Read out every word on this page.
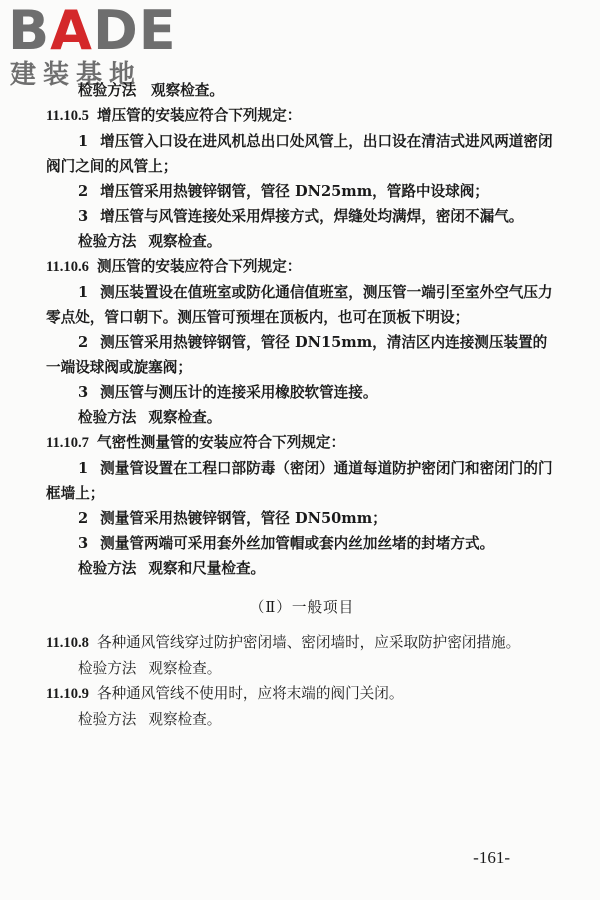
BADE
建装基地

检验方法　观察检查。

11.10.5 增压管的安装应符合下列规定：

1 增压管入口设在进风机总出口处风管上，出口设在清洁式进风两道密闭阀门之间的风管上；

2 增压管采用热镀锌钢管，管径 DN25mm，管路中设球阀；

3 增压管与风管连接处采用焊接方式，焊缝处均满焊，密闭不漏气。

检验方法 观察检查。

11.10.6 测压管的安装应符合下列规定：

1 测压装置设在值班室或防化通信值班室，测压管一端引至室外空气压力零点处，管口朝下。测压管可预埋在顶板内，也可在顶板下明设；

2 测压管采用热镀锌钢管，管径 DN15mm，清洁区内连接测压装置的一端设球阀或旋塞阀；

3 测压管与测压计的连接采用橡胶软管连接。

检验方法 观察检查。

11.10.7 气密性测量管的安装应符合下列规定：

1 测量管设置在工程口部防毒（密闭）通道每道防护密闭门和密闭门的门框墙上；

2 测量管采用热镀锌钢管，管径 DN50mm；

3 测量管两端可采用套外丝加管帽或套内丝加丝堵的封堵方式。

检验方法 观察和尺量检查。

（Ⅱ）一般项目

11.10.8 各种通风管线穿过防护密闭墙、密闭墙时，应采取防护密闭措施。

检验方法 观察检查。

11.10.9 各种通风管线不使用时，应将末端的阀门关闭。

检验方法 观察检查。

-161-
